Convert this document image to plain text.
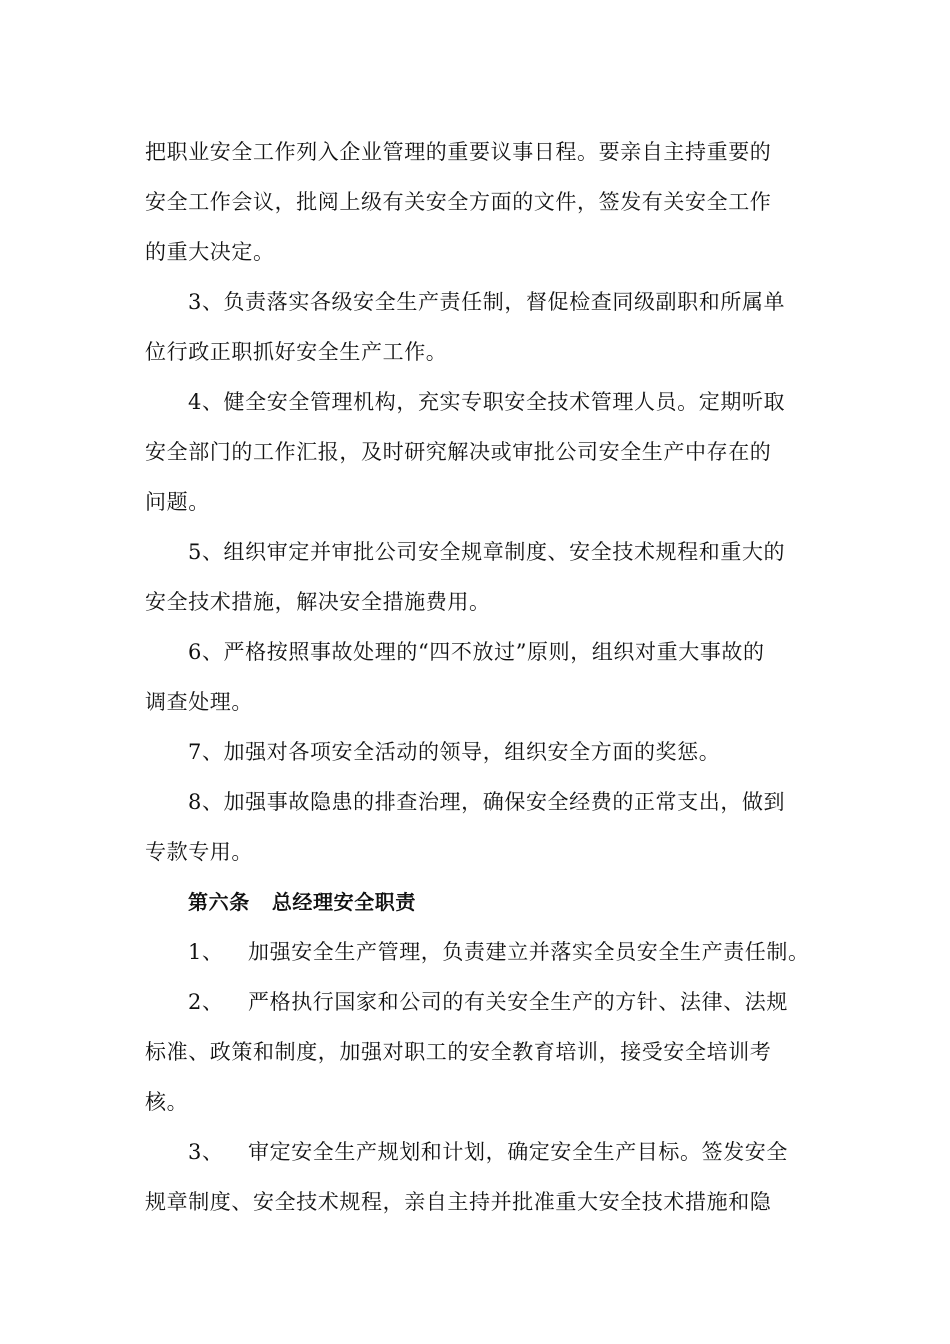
把职业安全工作列入企业管理的重要议事日程。要亲自主持重要的
安全工作会议，批阅上级有关安全方面的文件，签发有关安全工作
的重大决定。
3、负责落实各级安全生产责任制，督促检查同级副职和所属单
位行政正职抓好安全生产工作。
4、健全安全管理机构，充实专职安全技术管理人员。定期听取
安全部门的工作汇报，及时研究解决或审批公司安全生产中存在的
问题。
5、组织审定并审批公司安全规章制度、安全技术规程和重大的
安全技术措施，解决安全措施费用。
6、严格按照事故处理的“四不放过”原则，组织对重大事故的
调查处理。
7、加强对各项安全活动的领导，组织安全方面的奖惩。
8、加强事故隐患的排查治理，确保安全经费的正常支出，做到
专款专用。
第六条 总经理安全职责
1、 加强安全生产管理，负责建立并落实全员安全生产责任制。
2、 严格执行国家和公司的有关安全生产的方针、法律、法规
标准、政策和制度，加强对职工的安全教育培训，接受安全培训考
核。
3、 审定安全生产规划和计划，确定安全生产目标。签发安全
规章制度、安全技术规程，亲自主持并批准重大安全技术措施和隐
